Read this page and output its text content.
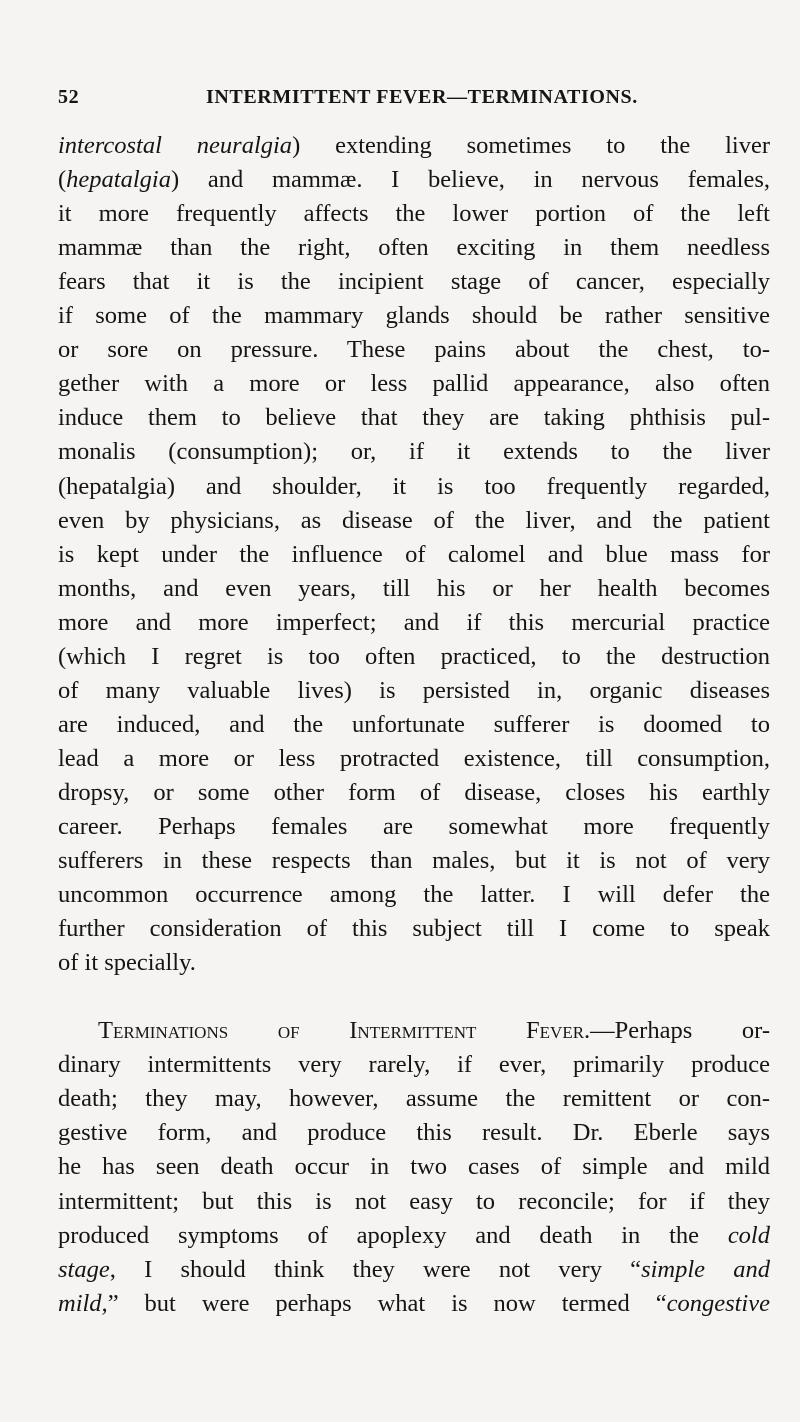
52	INTERMITTENT FEVER—TERMINATIONS.
intercostal neuralgia) extending sometimes to the liver
(hepatalgia) and mammæ. I believe, in nervous females,
it more frequently affects the lower portion of the left
mammæ than the right, often exciting in them needless
fears that it is the incipient stage of cancer, especially
if some of the mammary glands should be rather sensitive
or sore on pressure. These pains about the chest, to-
gether with a more or less pallid appearance, also often
induce them to believe that they are taking phthisis pul-
monalis (consumption); or, if it extends to the liver
(hepatalgia) and shoulder, it is too frequently regarded,
even by physicians, as disease of the liver, and the patient
is kept under the influence of calomel and blue mass for
months, and even years, till his or her health becomes
more and more imperfect; and if this mercurial practice
(which I regret is too often practiced, to the destruction
of many valuable lives) is persisted in, organic diseases
are induced, and the unfortunate sufferer is doomed to
lead a more or less protracted existence, till consumption,
dropsy, or some other form of disease, closes his earthly
career. Perhaps females are somewhat more frequently
sufferers in these respects than males, but it is not of very
uncommon occurrence among the latter. I will defer the
further consideration of this subject till I come to speak
of it specially.
Terminations of Intermittent Fever.—Perhaps or-
dinary intermittents very rarely, if ever, primarily produce
death; they may, however, assume the remittent or con-
gestive form, and produce this result. Dr. Eberle says
he has seen death occur in two cases of simple and mild
intermittent; but this is not easy to reconcile; for if they
produced symptoms of apoplexy and death in the cold
stage, I should think they were not very “simple and
mild,” but were perhaps what is now termed “congestive
